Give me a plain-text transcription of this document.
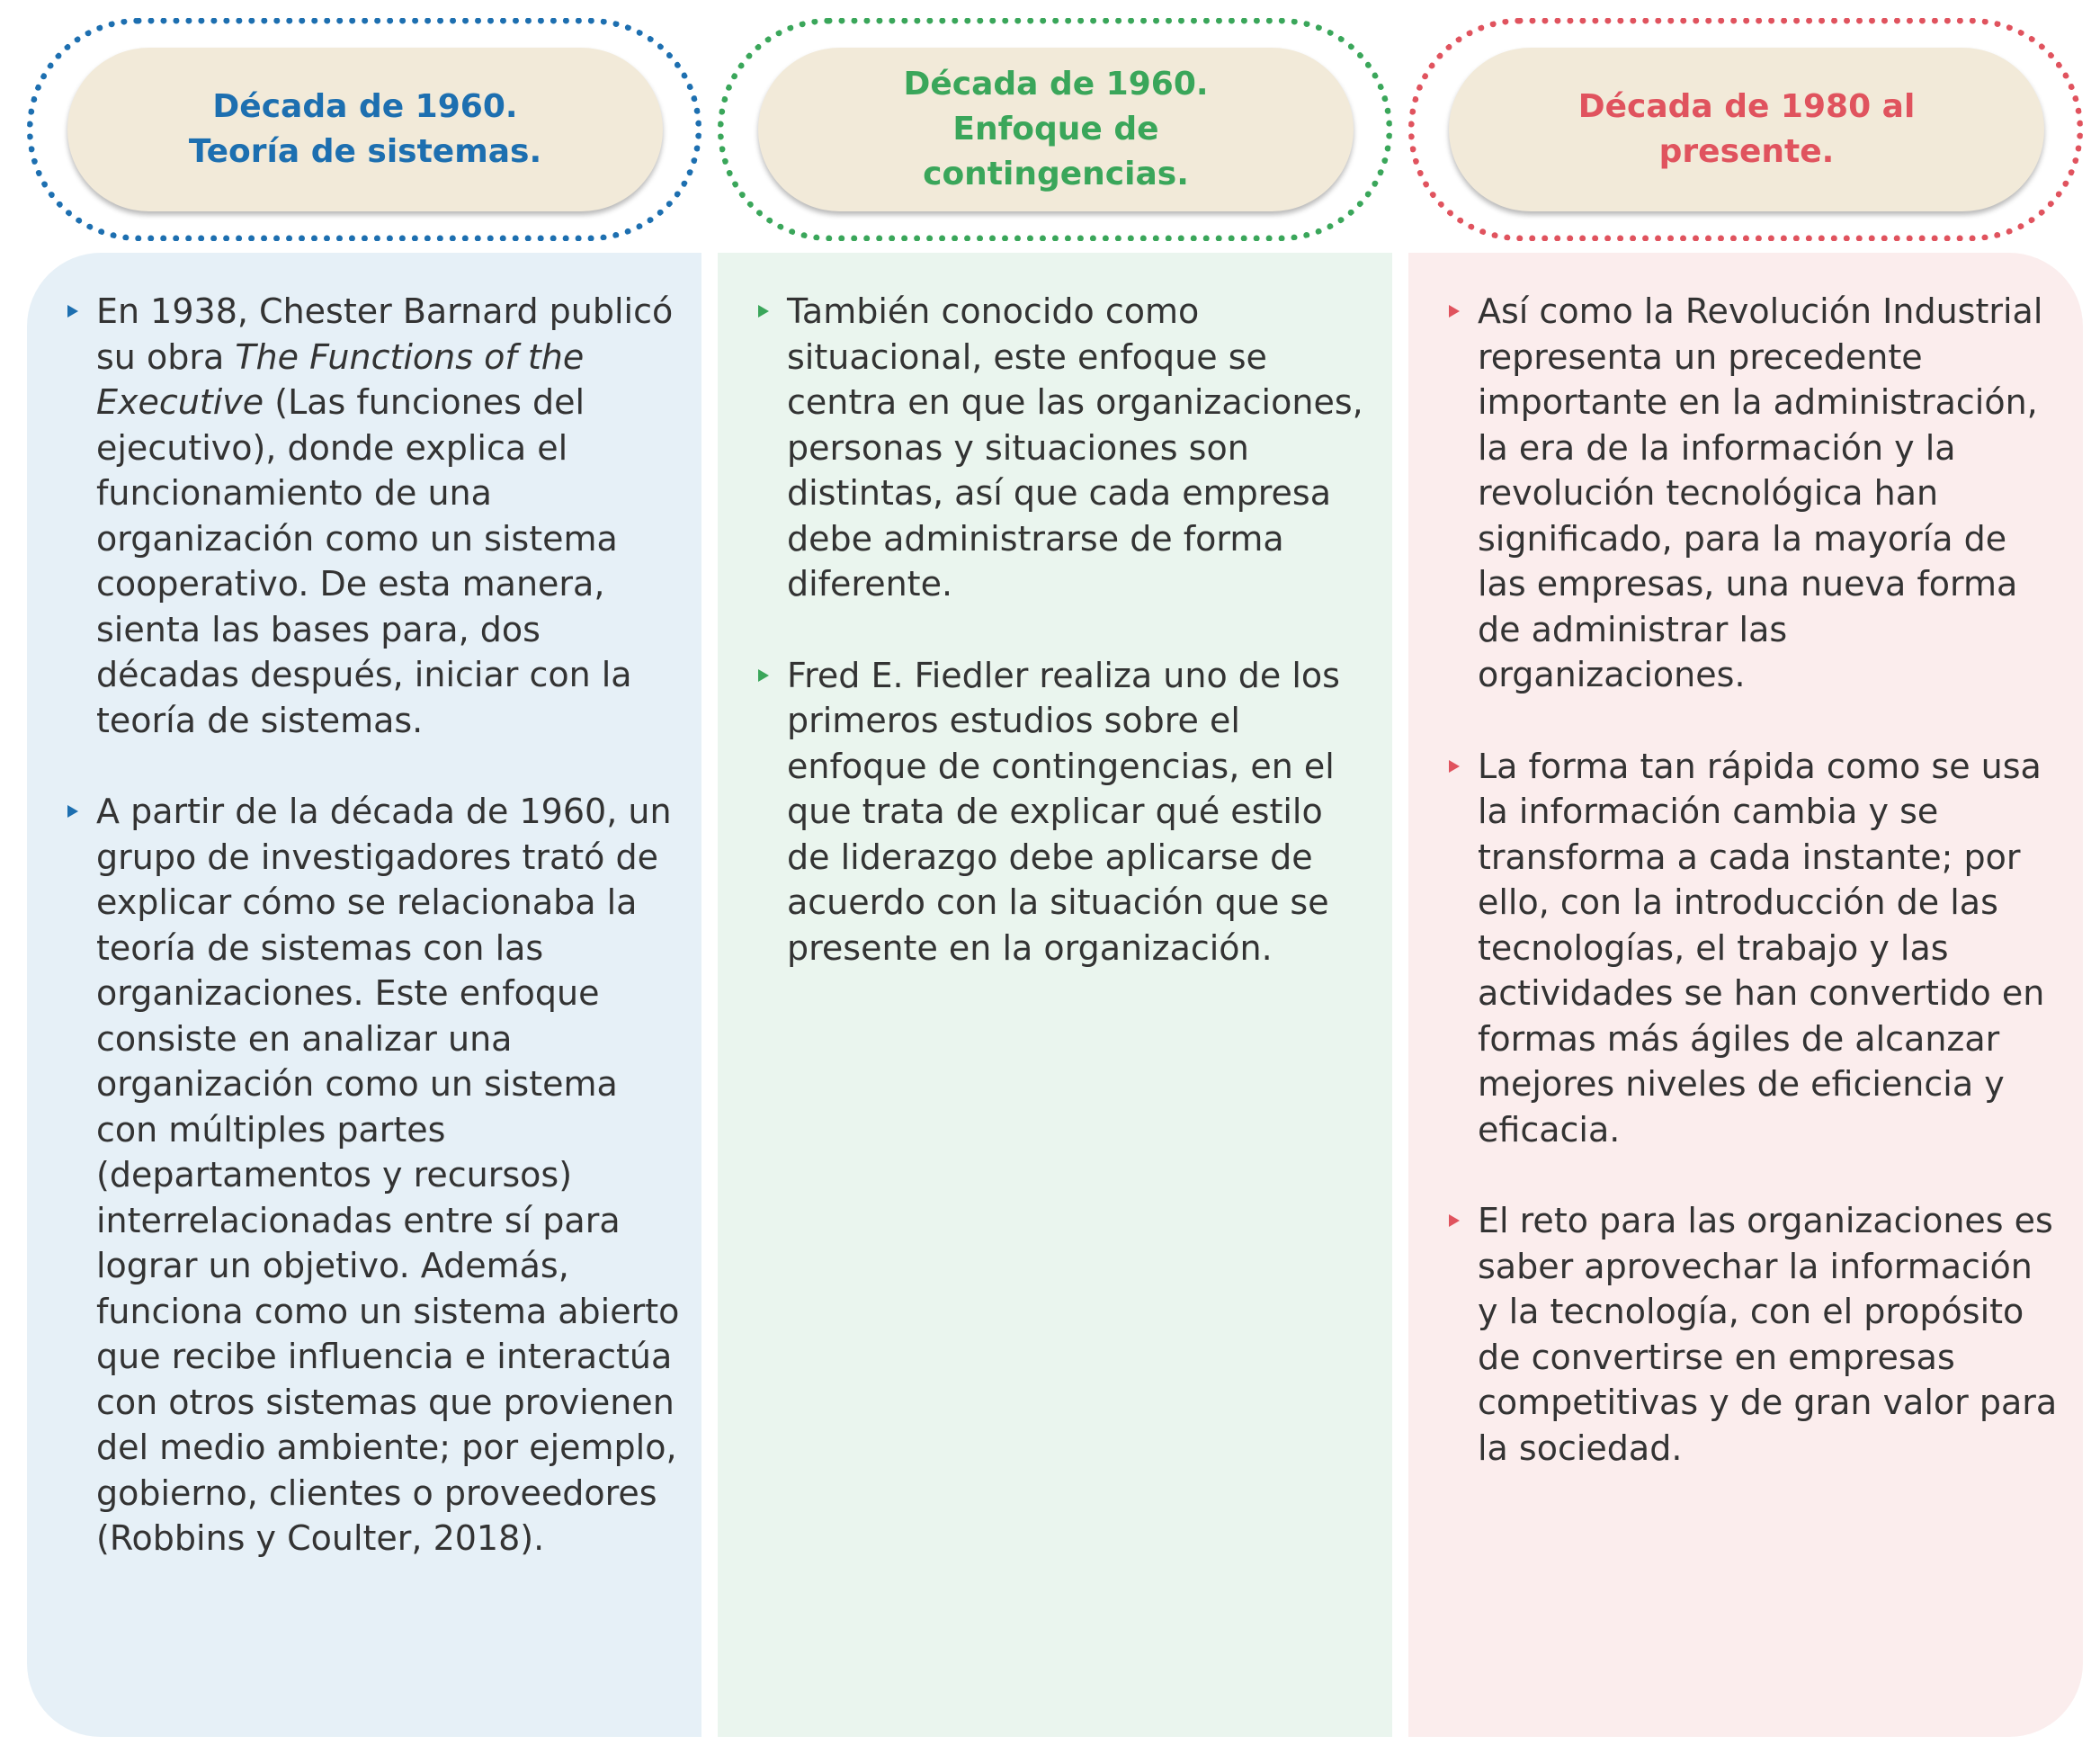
Década de 1960.
Teoría de sistemas.

En 1938, Chester Barnard publicó su obra The Functions of the Executive (Las funciones del ejecutivo), donde explica el funcionamiento de una organización como un sistema cooperativo. De esta manera, sienta las bases para, dos décadas después, iniciar con la teoría de sistemas.

A partir de la década de 1960, un grupo de investigadores trató de explicar cómo se relacionaba la teoría de sistemas con las organizaciones. Este enfoque consiste en analizar una organización como un sistema con múltiples partes (departamentos y recursos) interrelacionadas entre sí para lograr un objetivo. Además, funciona como un sistema abierto que recibe influencia e interactúa con otros sistemas que provienen del medio ambiente; por ejemplo, gobierno, clientes o proveedores (Robbins y Coulter, 2018).

Década de 1960.
Enfoque de
contingencias.

También conocido como situacional, este enfoque se centra en que las organizaciones, personas y situaciones son distintas, así que cada empresa debe administrarse de forma diferente.

Fred E. Fiedler realiza uno de los primeros estudios sobre el enfoque de contingencias, en el que trata de explicar qué estilo de liderazgo debe aplicarse de acuerdo con la situación que se presente en la organización.

Década de 1980 al
presente.

Así como la Revolución Industrial representa un precedente importante en la administración, la era de la información y la revolución tecnológica han significado, para la mayoría de las empresas, una nueva forma de administrar las organizaciones.

La forma tan rápida como se usa la información cambia y se transforma a cada instante; por ello, con la introducción de las tecnologías, el trabajo y las actividades se han convertido en formas más ágiles de alcanzar mejores niveles de eficiencia y eficacia.

El reto para las organizaciones es saber aprovechar la información y la tecnología, con el propósito de convertirse en empresas competitivas y de gran valor para la sociedad.
